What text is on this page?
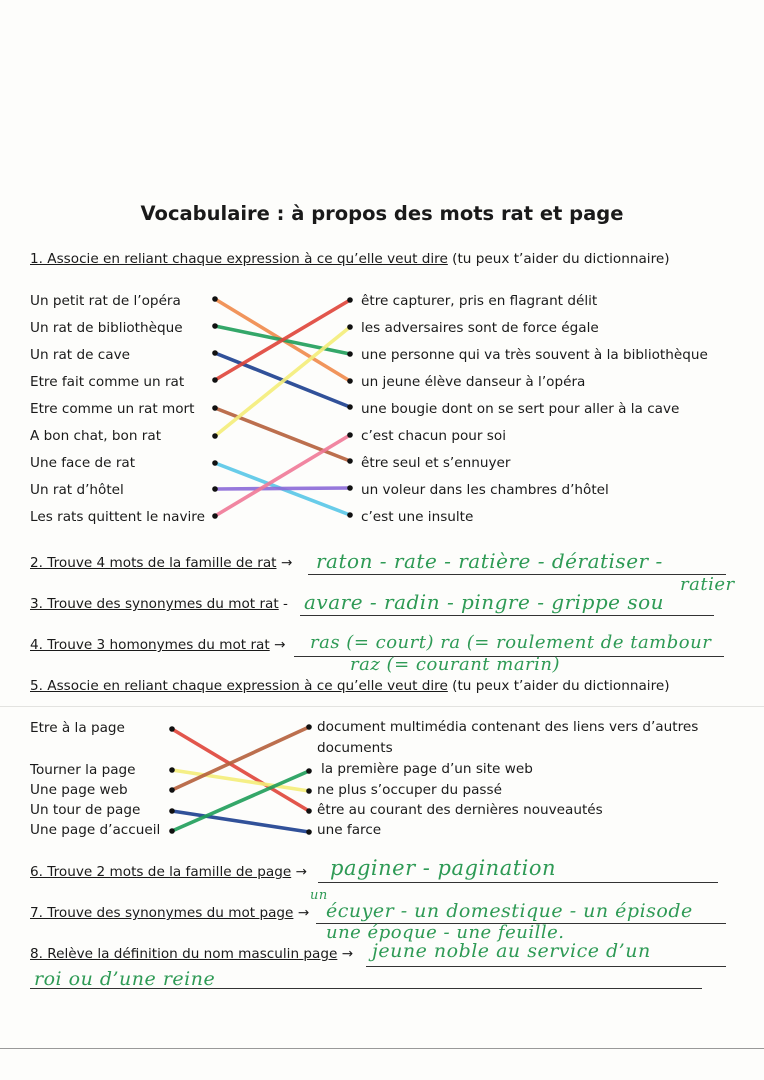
Vocabulaire : à propos des mots rat et page
1. Associe en reliant chaque expression à ce qu’elle veut dire (tu peux t’aider du dictionnaire)
Un petit rat de l’opéra
Un rat de bibliothèque
Un rat de cave
Etre fait comme un rat
Etre comme un rat mort
A bon chat, bon rat
Une face de rat
Un rat d’hôtel
Les rats quittent le navire
être capturer, pris en flagrant délit
les adversaires sont de force égale
une personne qui va très souvent à la bibliothèque
un jeune élève danseur à l’opéra
une bougie dont on se sert pour aller à la cave
c’est chacun pour soi
être seul et s’ennuyer
un voleur dans les chambres d’hôtel
c’est une insulte
2. Trouve 4 mots de la famille de rat → raton - rate - ratière - dératiser -
ratier
3. Trouve des synonymes du mot rat - avare - radin - pingre - grippe sou
4. Trouve 3 homonymes du mot rat → ras (= court) ra (= roulement de tambour
raz (= courant marin)
5. Associe en reliant chaque expression à ce qu’elle veut dire (tu peux t’aider du dictionnaire)
Etre à la page
Tourner la page
Une page web
Un tour de page
Une page d’accueil
document multimédia contenant des liens vers d’autres
documents
la première page d’un site web
ne plus s’occuper du passé
être au courant des dernières nouveautés
une farce
6. Trouve 2 mots de la famille de page → paginer - pagination
7. Trouve des synonymes du mot page →
un
écuyer - un domestique - un épisode
une époque - une feuille.
8. Relève la définition du nom masculin page → jeune noble au service d’un
roi ou d’une reine
